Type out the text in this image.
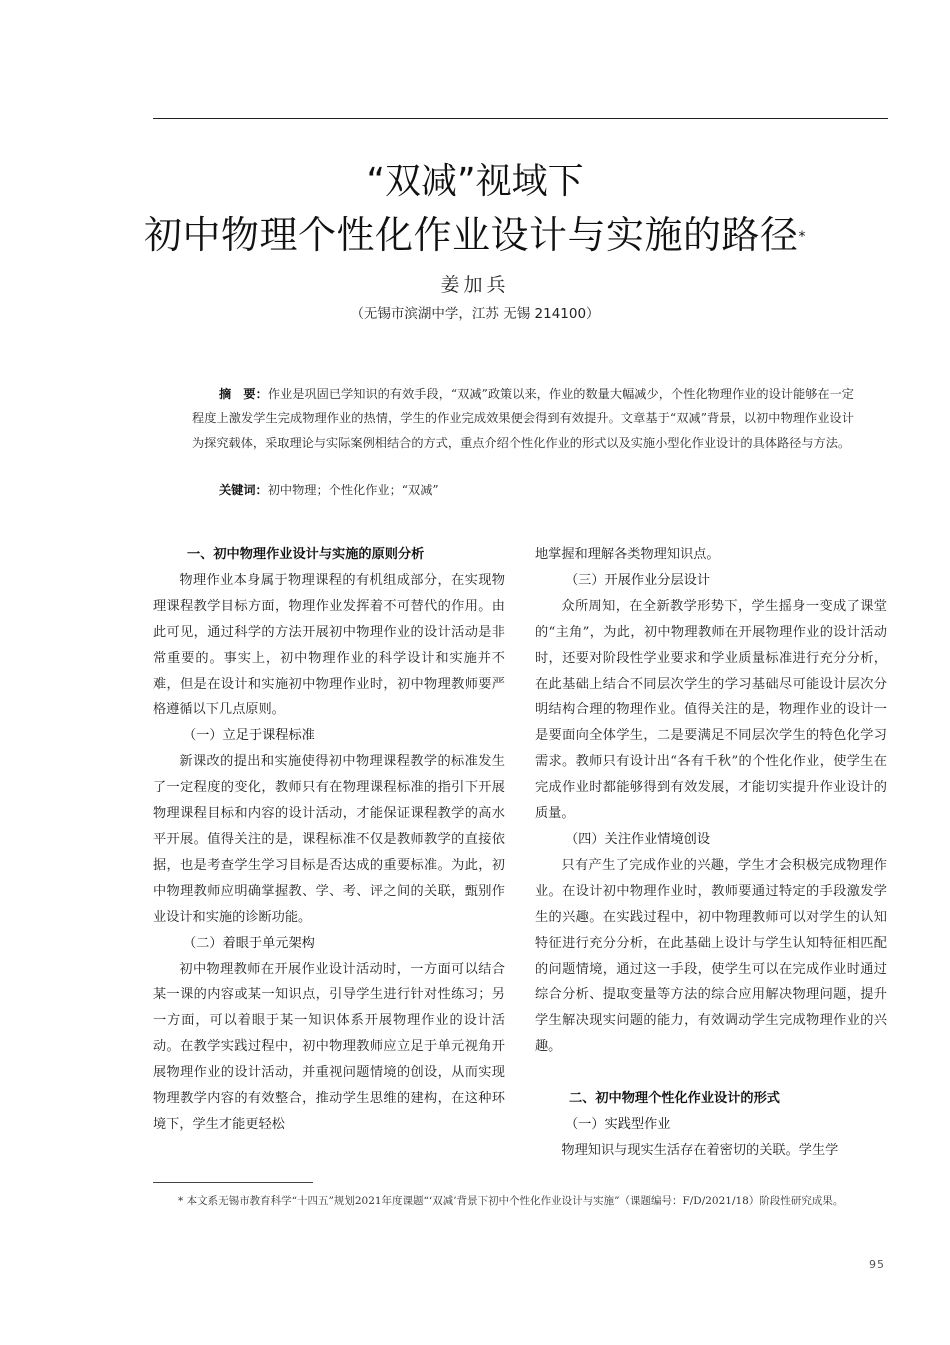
“双减”视域下
初中物理个性化作业设计与实施的路径*
姜加兵
（无锡市滨湖中学，江苏 无锡 214100）
摘　要：作业是巩固已学知识的有效手段，“双减”政策以来，作业的数量大幅减少，个性化物理作业的设计能够在一定程度上激发学生完成物理作业的热情，学生的作业完成效果便会得到有效提升。文章基于“双减”背景，以初中物理作业设计为探究载体，采取理论与实际案例相结合的方式，重点介绍个性化作业的形式以及实施小型化作业设计的具体路径与方法。
关键词：初中物理；个性化作业；“双减”
一、初中物理作业设计与实施的原则分析

物理作业本身属于物理课程的有机组成部分，在实现物理课程教学目标方面，物理作业发挥着不可替代的作用。由此可见，通过科学的方法开展初中物理作业的设计活动是非常重要的。事实上，初中物理作业的科学设计和实施并不难，但是在设计和实施初中物理作业时，初中物理教师要严格遵循以下几点原则。

（一）立足于课程标准

新课改的提出和实施使得初中物理课程教学的标准发生了一定程度的变化，教师只有在物理课程标准的指引下开展物理课程目标和内容的设计活动，才能保证课程教学的高水平开展。值得关注的是，课程标准不仅是教师教学的直接依据，也是考查学生学习目标是否达成的重要标准。为此，初中物理教师应明确掌握教、学、考、评之间的关联，甄别作业设计和实施的诊断功能。

（二）着眼于单元架构

初中物理教师在开展作业设计活动时，一方面可以结合某一课的内容或某一知识点，引导学生进行针对性练习；另一方面，可以着眼于某一知识体系开展物理作业的设计活动。在教学实践过程中，初中物理教师应立足于单元视角开展物理作业的设计活动，并重视问题情境的创设，从而实现物理教学内容的有效整合，推动学生思维的建构，在这种环境下，学生才能更轻松

地掌握和理解各类物理知识点。

（三）开展作业分层设计

众所周知，在全新教学形势下，学生摇身一变成了课堂的“主角”，为此，初中物理教师在开展物理作业的设计活动时，还要对阶段性学业要求和学业质量标准进行充分分析，在此基础上结合不同层次学生的学习基础尽可能设计层次分明结构合理的物理作业。值得关注的是，物理作业的设计一是要面向全体学生，二是要满足不同层次学生的特色化学习需求。教师只有设计出“各有千秋”的个性化作业，使学生在完成作业时都能够得到有效发展，才能切实提升作业设计的质量。

（四）关注作业情境创设

只有产生了完成作业的兴趣，学生才会积极完成物理作业。在设计初中物理作业时，教师要通过特定的手段激发学生的兴趣。在实践过程中，初中物理教师可以对学生的认知特征进行充分分析，在此基础上设计与学生认知特征相匹配的问题情境，通过这一手段，使学生可以在完成作业时通过综合分析、提取变量等方法的综合应用解决物理问题，提升学生解决现实问题的能力，有效调动学生完成物理作业的兴趣。

二、初中物理个性化作业设计的形式
（一）实践型作业

物理知识与现实生活存在着密切的关联。学生学

* 本文系无锡市教育科学“十四五”规划2021年度课题“‘双减’背景下初中个性化作业设计与实施”（课题编号：F/D/2021/18）阶段性研究成果。
95
